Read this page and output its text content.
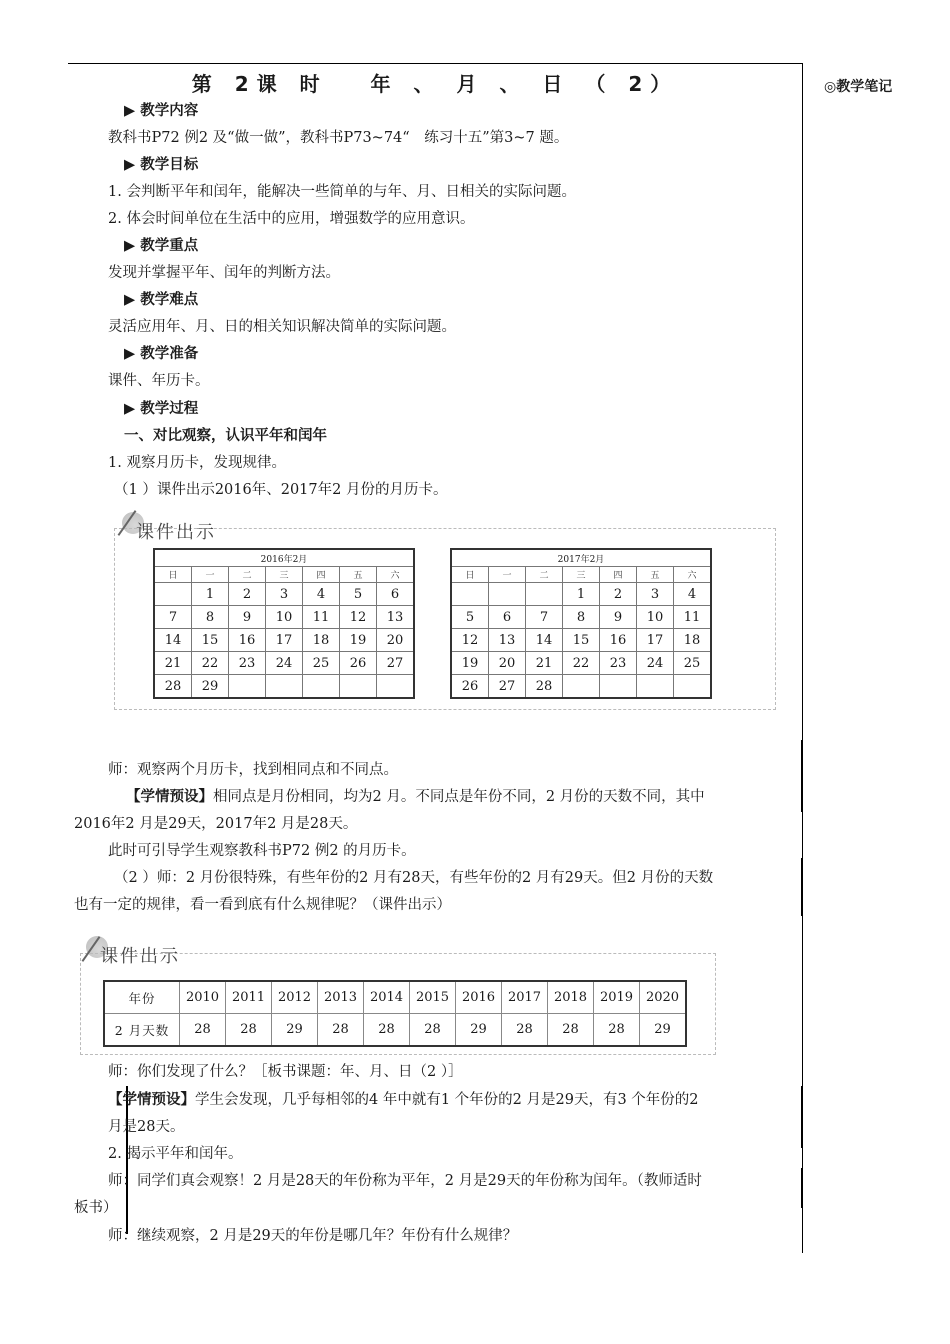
◎教学笔记
第 2课 时　 年 、 月 、 日 （ 2）
▶ 教学内容
教科书P72 例2 及“做一做”，教科书P73~74“　练习十五”第3~7 题。
▶ 教学目标
1. 会判断平年和闰年，能解决一些简单的与年、月、日相关的实际问题。
2. 体会时间单位在生活中的应用，增强数学的应用意识。
▶ 教学重点
发现并掌握平年、闰年的判断方法。
▶ 教学难点
灵活应用年、月、日的相关知识解决简单的实际问题。
▶ 教学准备
课件、年历卡。
▶ 教学过程
一、对比观察，认识平年和闰年
1. 观察月历卡，发现规律。
（1 ）课件出示2016年、2017年2 月份的月历卡。
课件出示
2016年2月						
日	一	二	三	四	五	六
	1	2	3	4	5	6
7	8	9	10	11	12	13
14	15	16	17	18	19	20
21	22	23	24	25	26	27
28	29					
2017年2月						
日	一	二	三	四	五	六
			1	2	3	4
5	6	7	8	9	10	11
12	13	14	15	16	17	18
19	20	21	22	23	24	25
26	27	28				
师：观察两个月历卡，找到相同点和不同点。
【学情预设】相同点是月份相同，均为2 月。不同点是年份不同，2 月份的天数不同，其中
2016年2 月是29天，2017年2 月是28天。
此时可引导学生观察教科书P72 例2 的月历卡。
（2 ）师：2 月份很特殊，有些年份的2 月有28天，有些年份的2 月有29天。但2 月份的天数
也有一定的规律，看一看到底有什么规律呢？（课件出示）
课件出示
年份	2010	2011	2012	2013	2014	2015	2016	2017	2018	2019	2020
2 月天数	28	28	29	28	28	28	29	28	28	28	29
师：你们发现了什么？［板书课题：年、月、日（2 ）］
【学情预设】学生会发现，几乎每相邻的4 年中就有1 个年份的2 月是29天，有3 个年份的2
月是28天。
2. 揭示平年和闰年。
师：同学们真会观察！2 月是28天的年份称为平年，2 月是29天的年份称为闰年。（教师适时
板书）
师：继续观察，2 月是29天的年份是哪几年？年份有什么规律？
